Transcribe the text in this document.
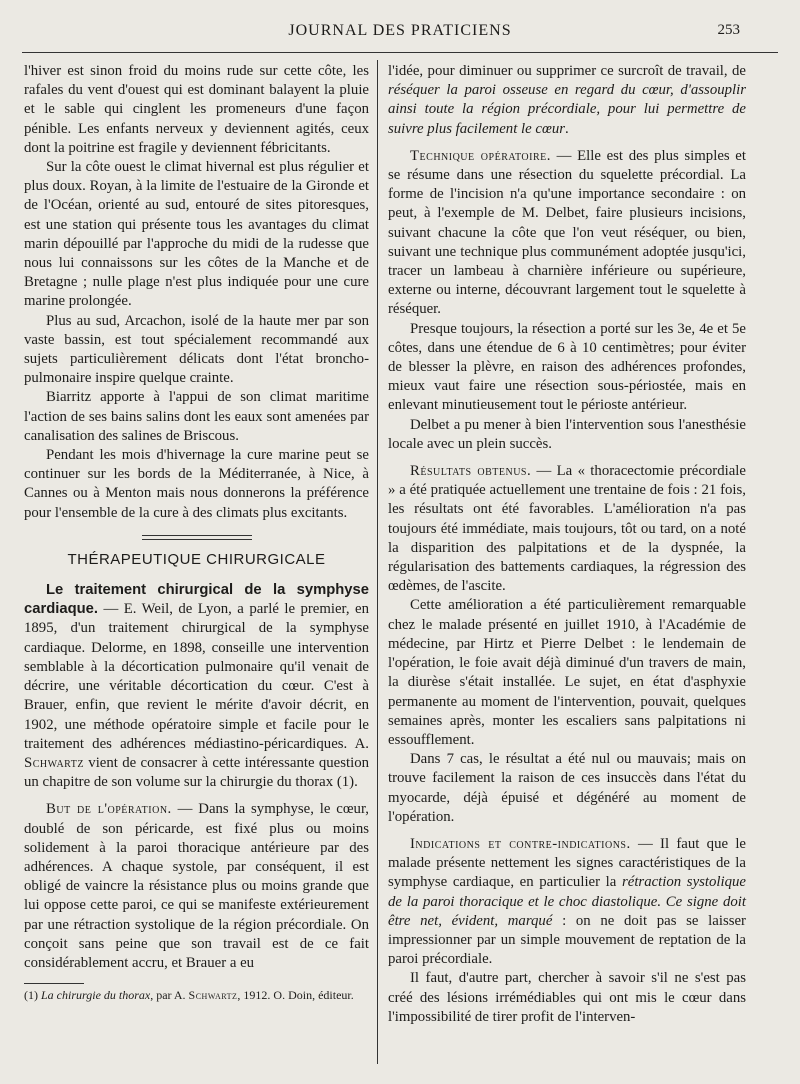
JOURNAL DES PRATICIENS	253

l'hiver est sinon froid du moins rude sur cette côte, les rafales du vent d'ouest qui est dominant balayent la pluie et le sable qui cinglent les promeneurs d'une façon pénible. Les enfants nerveux y deviennent agités, ceux dont la poitrine est fragile y deviennent fébricitants.

Sur la côte ouest le climat hivernal est plus régulier et plus doux. Royan, à la limite de l'estuaire de la Gironde et de l'Océan, orienté au sud, entouré de sites pitoresques, est une station qui présente tous les avantages du climat marin dépouillé par l'approche du midi de la rudesse que nous lui connaissons sur les côtes de la Manche et de Bretagne ; nulle plage n'est plus indiquée pour une cure marine prolongée.

Plus au sud, Arcachon, isolé de la haute mer par son vaste bassin, est tout spécialement recommandé aux sujets particulièrement délicats dont l'état broncho-pulmonaire inspire quelque crainte.

Biarritz apporte à l'appui de son climat maritime l'action de ses bains salins dont les eaux sont amenées par canalisation des salines de Briscous.

Pendant les mois d'hivernage la cure marine peut se continuer sur les bords de la Méditerranée, à Nice, à Cannes ou à Menton mais nous donnerons la préférence pour l'ensemble de la cure à des climats plus excitants.

THÉRAPEUTIQUE CHIRURGICALE

Le traitement chirurgical de la symphyse cardiaque. — E. Weil, de Lyon, a parlé le premier, en 1895, d'un traitement chirurgical de la symphyse cardiaque. Delorme, en 1898, conseille une intervention semblable à la décortication pulmonaire qu'il venait de décrire, une véritable décortication du cœur. C'est à Brauer, enfin, que revient le mérite d'avoir décrit, en 1902, une méthode opératoire simple et facile pour le traitement des adhérences médiastino-péricardiques. A. Schwartz vient de consacrer à cette intéressante question un chapitre de son volume sur la chirurgie du thorax (1).

But de l'opération. — Dans la symphyse, le cœur, doublé de son péricarde, est fixé plus ou moins solidement à la paroi thoracique antérieure par des adhérences. A chaque systole, par conséquent, il est obligé de vaincre la résistance plus ou moins grande que lui oppose cette paroi, ce qui se manifeste extérieurement par une rétraction systolique de la région précordiale. On conçoit sans peine que son travail est de ce fait considérablement accru, et Brauer a eu

(1) La chirurgie du thorax, par A. Schwartz, 1912. O. Doin, éditeur.

l'idée, pour diminuer ou supprimer ce surcroît de travail, de réséquer la paroi osseuse en regard du cœur, d'assouplir ainsi toute la région précordiale, pour lui permettre de suivre plus facilement le cœur.

Technique opératoire. — Elle est des plus simples et se résume dans une résection du squelette précordial. La forme de l'incision n'a qu'une importance secondaire : on peut, à l'exemple de M. Delbet, faire plusieurs incisions, suivant chacune la côte que l'on veut réséquer, ou bien, suivant une technique plus communément adoptée jusqu'ici, tracer un lambeau à charnière inférieure ou supérieure, externe ou interne, découvrant largement tout le squelette à réséquer.

Presque toujours, la résection a porté sur les 3e, 4e et 5e côtes, dans une étendue de 6 à 10 centimètres; pour éviter de blesser la plèvre, en raison des adhérences profondes, mieux vaut faire une résection sous-périostée, mais en enlevant minutieusement tout le périoste antérieur.

Delbet a pu mener à bien l'intervention sous l'anesthésie locale avec un plein succès.

Résultats obtenus. — La « thoracectomie précordiale » a été pratiquée actuellement une trentaine de fois : 21 fois, les résultats ont été favorables. L'amélioration n'a pas toujours été immédiate, mais toujours, tôt ou tard, on a noté la disparition des palpitations et de la dyspnée, la régularisation des battements cardiaques, la régression des œdèmes, de l'ascite.

Cette amélioration a été particulièrement remarquable chez le malade présenté en juillet 1910, à l'Académie de médecine, par Hirtz et Pierre Delbet : le lendemain de l'opération, le foie avait déjà diminué d'un travers de main, la diurèse s'était installée. Le sujet, en état d'asphyxie permanente au moment de l'intervention, pouvait, quelques semaines après, monter les escaliers sans palpitations ni essoufflement.

Dans 7 cas, le résultat a été nul ou mauvais; mais on trouve facilement la raison de ces insuccès dans l'état du myocarde, déjà épuisé et dégénéré au moment de l'opération.

Indications et contre-indications. — Il faut que le malade présente nettement les signes caractéristiques de la symphyse cardiaque, en particulier la rétraction systolique de la paroi thoracique et le choc diastolique. Ce signe doit être net, évident, marqué : on ne doit pas se laisser impressionner par un simple mouvement de reptation de la paroi précordiale.

Il faut, d'autre part, chercher à savoir s'il ne s'est pas créé des lésions irrémédiables qui ont mis le cœur dans l'impossibilité de tirer profit de l'interven-
